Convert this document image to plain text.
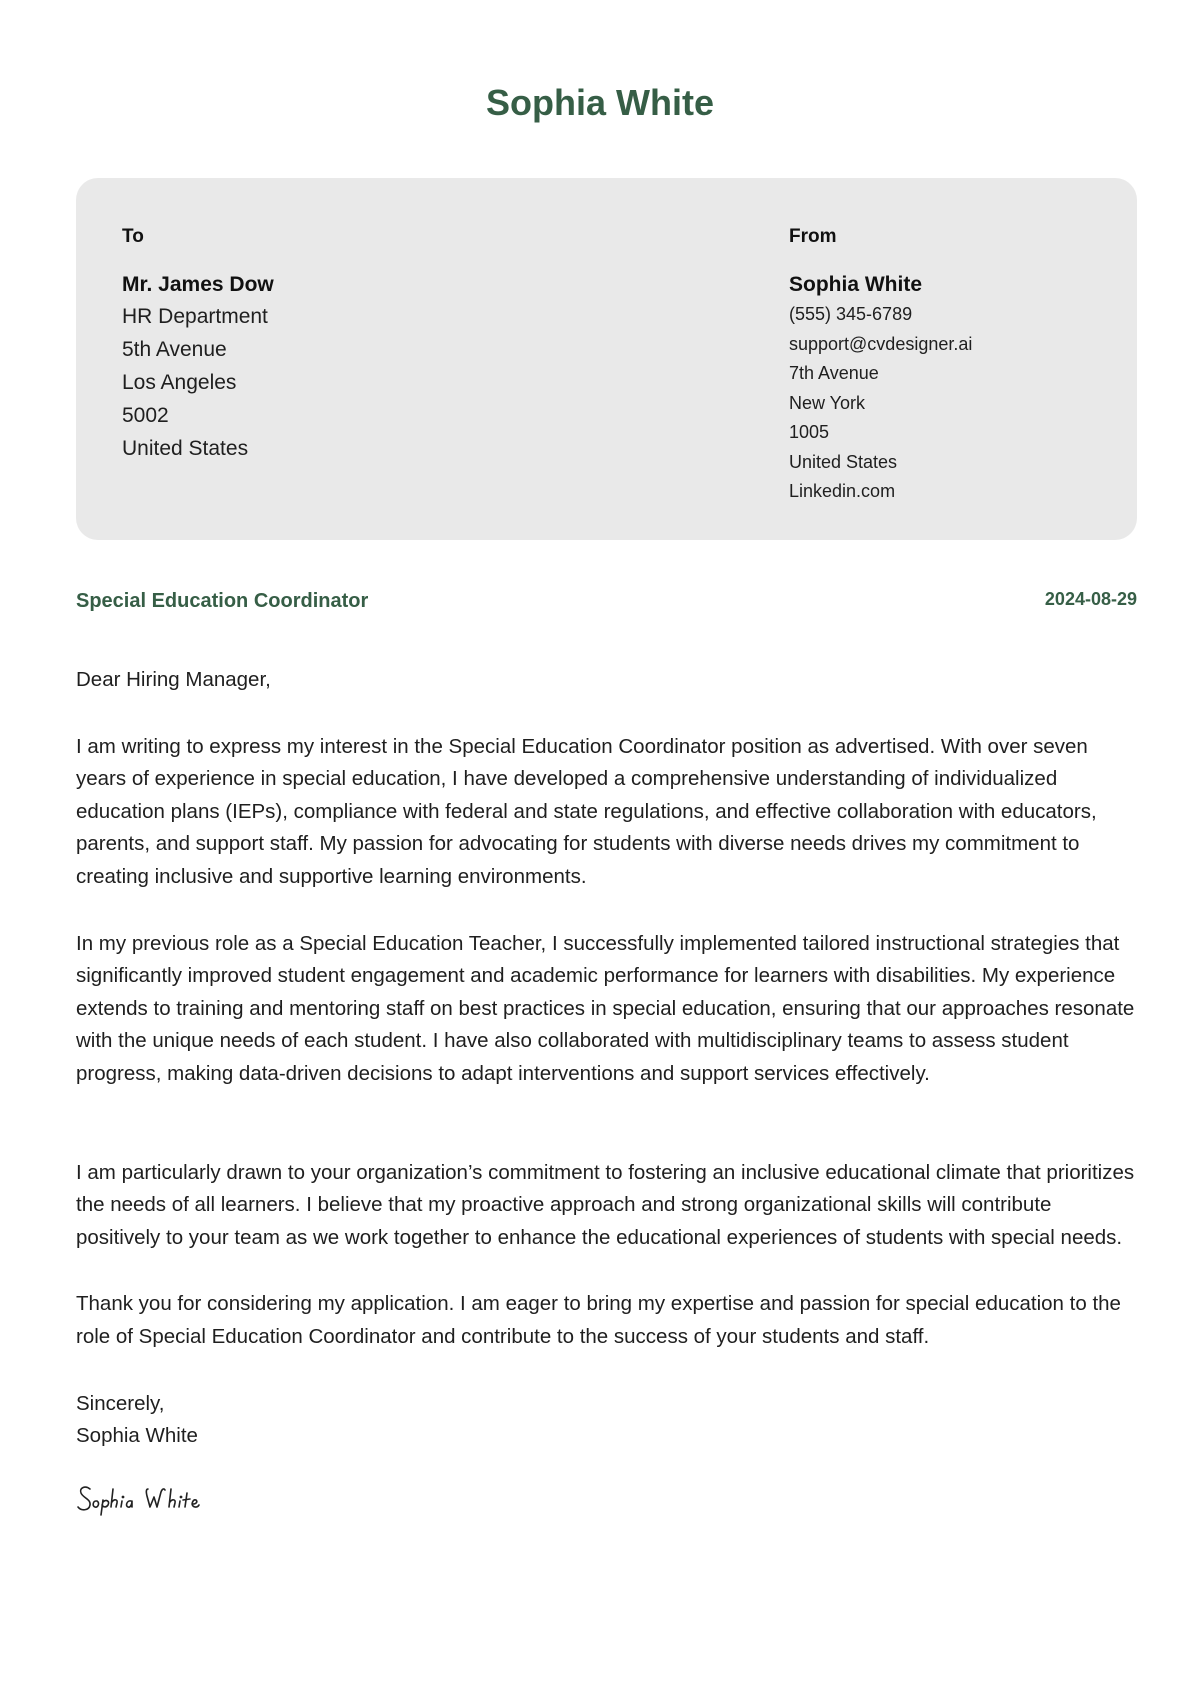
Sophia White
To
Mr. James Dow
HR Department
5th Avenue
Los Angeles
5002
United States
From
Sophia White
(555) 345-6789
support@cvdesigner.ai
7th Avenue
New York
1005
United States
Linkedin.com
Special Education Coordinator	2024-08-29

Dear Hiring Manager,

I am writing to express my interest in the Special Education Coordinator position as advertised. With over seven years of experience in special education, I have developed a comprehensive understanding of individualized education plans (IEPs), compliance with federal and state regulations, and effective collaboration with educators, parents, and support staff. My passion for advocating for students with diverse needs drives my commitment to creating inclusive and supportive learning environments.

In my previous role as a Special Education Teacher, I successfully implemented tailored instructional strategies that significantly improved student engagement and academic performance for learners with disabilities. My experience extends to training and mentoring staff on best practices in special education, ensuring that our approaches resonate with the unique needs of each student. I have also collaborated with multidisciplinary teams to assess student progress, making data-driven decisions to adapt interventions and support services effectively.

I am particularly drawn to your organization’s commitment to fostering an inclusive educational climate that prioritizes the needs of all learners. I believe that my proactive approach and strong organizational skills will contribute positively to your team as we work together to enhance the educational experiences of students with special needs.

Thank you for considering my application. I am eager to bring my expertise and passion for special education to the role of Special Education Coordinator and contribute to the success of your students and staff.

Sincerely,

Sophia White
